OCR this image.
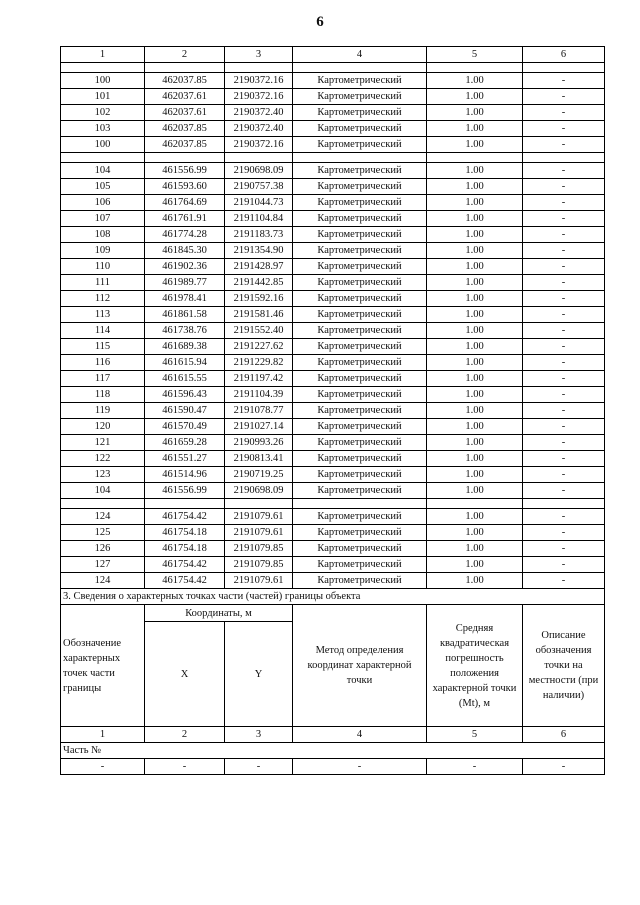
6
1	2	3	4	5	6

100	462037.85	2190372.16	Картометрический	1.00	-
101	462037.61	2190372.16	Картометрический	1.00	-
102	462037.61	2190372.40	Картометрический	1.00	-
103	462037.85	2190372.40	Картометрический	1.00	-
100	462037.85	2190372.16	Картометрический	1.00	-

104	461556.99	2190698.09	Картометрический	1.00	-
105	461593.60	2190757.38	Картометрический	1.00	-
106	461764.69	2191044.73	Картометрический	1.00	-
107	461761.91	2191104.84	Картометрический	1.00	-
108	461774.28	2191183.73	Картометрический	1.00	-
109	461845.30	2191354.90	Картометрический	1.00	-
110	461902.36	2191428.97	Картометрический	1.00	-
111	461989.77	2191442.85	Картометрический	1.00	-
112	461978.41	2191592.16	Картометрический	1.00	-
113	461861.58	2191581.46	Картометрический	1.00	-
114	461738.76	2191552.40	Картометрический	1.00	-
115	461689.38	2191227.62	Картометрический	1.00	-
116	461615.94	2191229.82	Картометрический	1.00	-
117	461615.55	2191197.42	Картометрический	1.00	-
118	461596.43	2191104.39	Картометрический	1.00	-
119	461590.47	2191078.77	Картометрический	1.00	-
120	461570.49	2191027.14	Картометрический	1.00	-
121	461659.28	2190993.26	Картометрический	1.00	-
122	461551.27	2190813.41	Картометрический	1.00	-
123	461514.96	2190719.25	Картометрический	1.00	-
104	461556.99	2190698.09	Картометрический	1.00	-

124	461754.42	2191079.61	Картометрический	1.00	-
125	461754.18	2191079.61	Картометрический	1.00	-
126	461754.18	2191079.85	Картометрический	1.00	-
127	461754.42	2191079.85	Картометрический	1.00	-
124	461754.42	2191079.61	Картометрический	1.00	-
3. Сведения о характерных точках части (частей) границы объекта					
Обозначение характерных точек части границы	Координаты, м		Метод определения координат характерной точки	Средняя квадратическая погрешность положения характерной точки (Mt), м	Описание обозначения точки на местности (при наличии)
	X	Y			
1	2	3	4	5	6
Часть №					
-	-	-	-	-	-
